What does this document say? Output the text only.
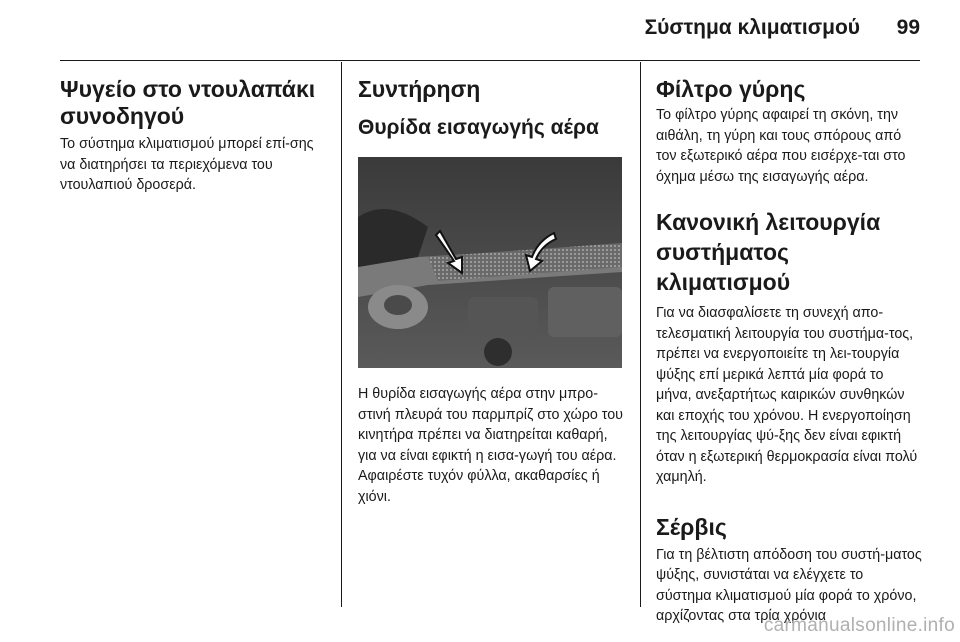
Σύστημα κλιματισμού	99
Ψυγείο στο ντουλαπάκι συνοδηγού

Το σύστημα κλιματισμού μπορεί επί-σης να διατηρήσει τα περιεχόμενα του ντουλαπιού δροσερά.

Συντήρηση
Θυρίδα εισαγωγής αέρα

Η θυρίδα εισαγωγής αέρα στην μπρο-στινή πλευρά του παρμπρίζ στο χώρο του κινητήρα πρέπει να διατηρείται καθαρή, για να είναι εφικτή η εισα-γωγή του αέρα. Αφαιρέστε τυχόν φύλλα, ακαθαρσίες ή χιόνι.

Φίλτρο γύρης

Το φίλτρο γύρης αφαιρεί τη σκόνη, την αιθάλη, τη γύρη και τους σπόρους από τον εξωτερικό αέρα που εισέρχε-ται στο όχημα μέσω της εισαγωγής αέρα.

Κανονική λειτουργία συστήματος κλιματισμού

Για να διασφαλίσετε τη συνεχή απο-τελεσματική λειτουργία του συστήμα-τος, πρέπει να ενεργοποιείτε τη λει-τουργία ψύξης επί μερικά λεπτά μία φορά το μήνα, ανεξαρτήτως καιρικών συνθηκών και εποχής του χρόνου. Η ενεργοποίηση της λειτουργίας ψύ-ξης δεν είναι εφικτή όταν η εξωτερική θερμοκρασία είναι πολύ χαμηλή.

Σέρβις

Για τη βέλτιστη απόδοση του συστή-ματος ψύξης, συνιστάται να ελέγχετε το σύστημα κλιματισμού μία φορά το χρόνο, αρχίζοντας στα τρία χρόνια

carmanualsonline.info
